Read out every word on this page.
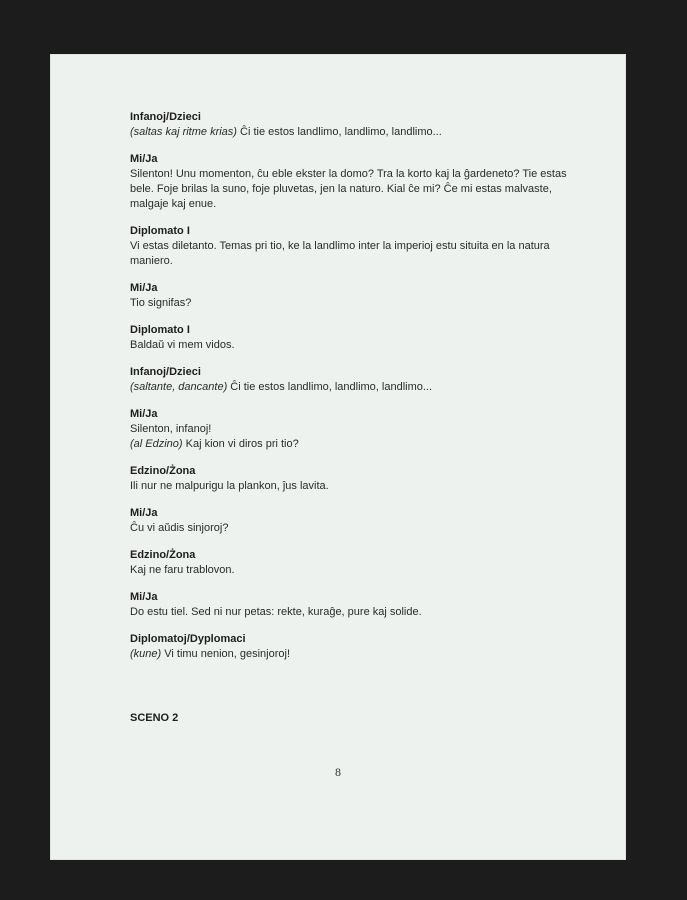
Infanoj/Dzieci
(saltas kaj ritme krias) Ĉi tie estos landlimo, landlimo, landlimo...
Mi/Ja
Silenton! Unu momenton, ĉu eble ekster la domo? Tra la korto kaj la ĝardeneto? Tie estas
bele. Foje brilas la suno, foje pluvetas, jen la naturo. Kial ĉe mi? Ĉe mi estas malvaste,
malgaje kaj enue.
Diplomato I
Vi estas diletanto. Temas pri tio, ke la landlimo inter la imperioj estu situita en la natura
maniero.
Mi/Ja
Tio signifas?
Diplomato I
Baldaŭ vi mem vidos.
Infanoj/Dzieci
(saltante, dancante) Ĉi tie estos landlimo, landlimo, landlimo...
Mi/Ja
Silenton, infanoj!
(al Edzino) Kaj kion vi diros pri tio?
Edzino/Żona
Ili nur ne malpurigu la plankon, ĵus lavita.
Mi/Ja
Ĉu vi aŭdis sinjoroj?
Edzino/Żona
Kaj ne faru trablovon.
Mi/Ja
Do estu tiel. Sed ni nur petas: rekte, kuraĝe, pure kaj solide.
Diplomatoj/Dyplomaci
(kune) Vi timu nenion, gesinjoroj!
SCENO 2
8
